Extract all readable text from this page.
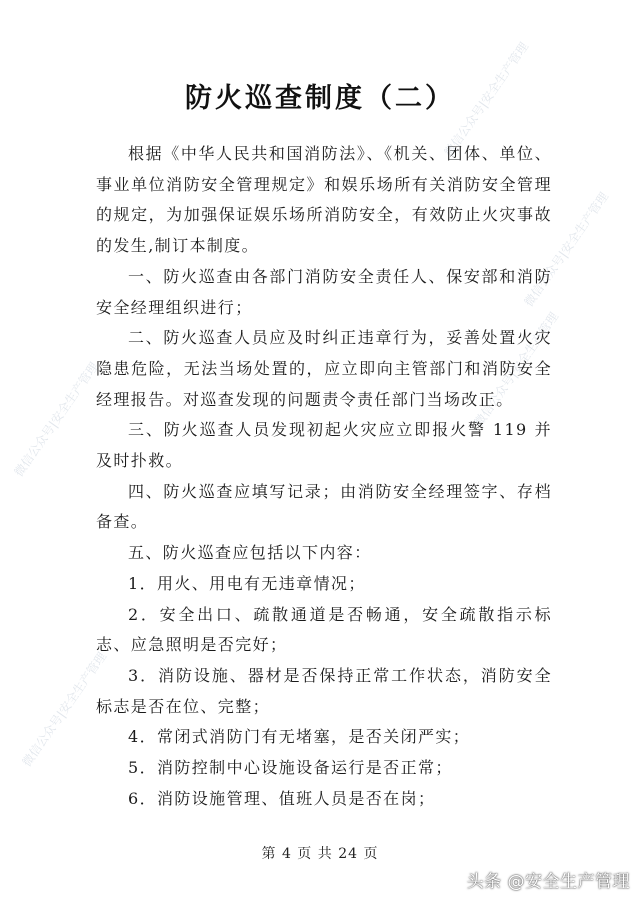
微信公众号|安全生产管理
微信公众号|安全生产管理	微信公众号|安全生产管理
微信公众号|安全生产管理
微信公众号|安全生产管理
防火巡查制度（二）

根据《中华人民共和国消防法》、《机关、团体、单位、事业单位消防安全管理规定》和娱乐场所有关消防安全管理的规定，为加强保证娱乐场所消防安全，有效防止火灾事故的发生,制订本制度。

一、防火巡查由各部门消防安全责任人、保安部和消防安全经理组织进行；

二、防火巡查人员应及时纠正违章行为，妥善处置火灾隐患危险，无法当场处置的，应立即向主管部门和消防安全经理报告。对巡查发现的问题责令责任部门当场改正。

三、防火巡查人员发现初起火灾应立即报火警 119 并及时扑救。

四、防火巡查应填写记录；由消防安全经理签字、存档备查。

五、防火巡查应包括以下内容：

1．用火、用电有无违章情况；

2．安全出口、疏散通道是否畅通，安全疏散指示标志、应急照明是否完好；

3．消防设施、器材是否保持正常工作状态，消防安全标志是否在位、完整；

4．常闭式消防门有无堵塞，是否关闭严实；

5．消防控制中心设施设备运行是否正常；

6．消防设施管理、值班人员是否在岗；

第 4 页 共 24 页
头条 @安全生产管理
